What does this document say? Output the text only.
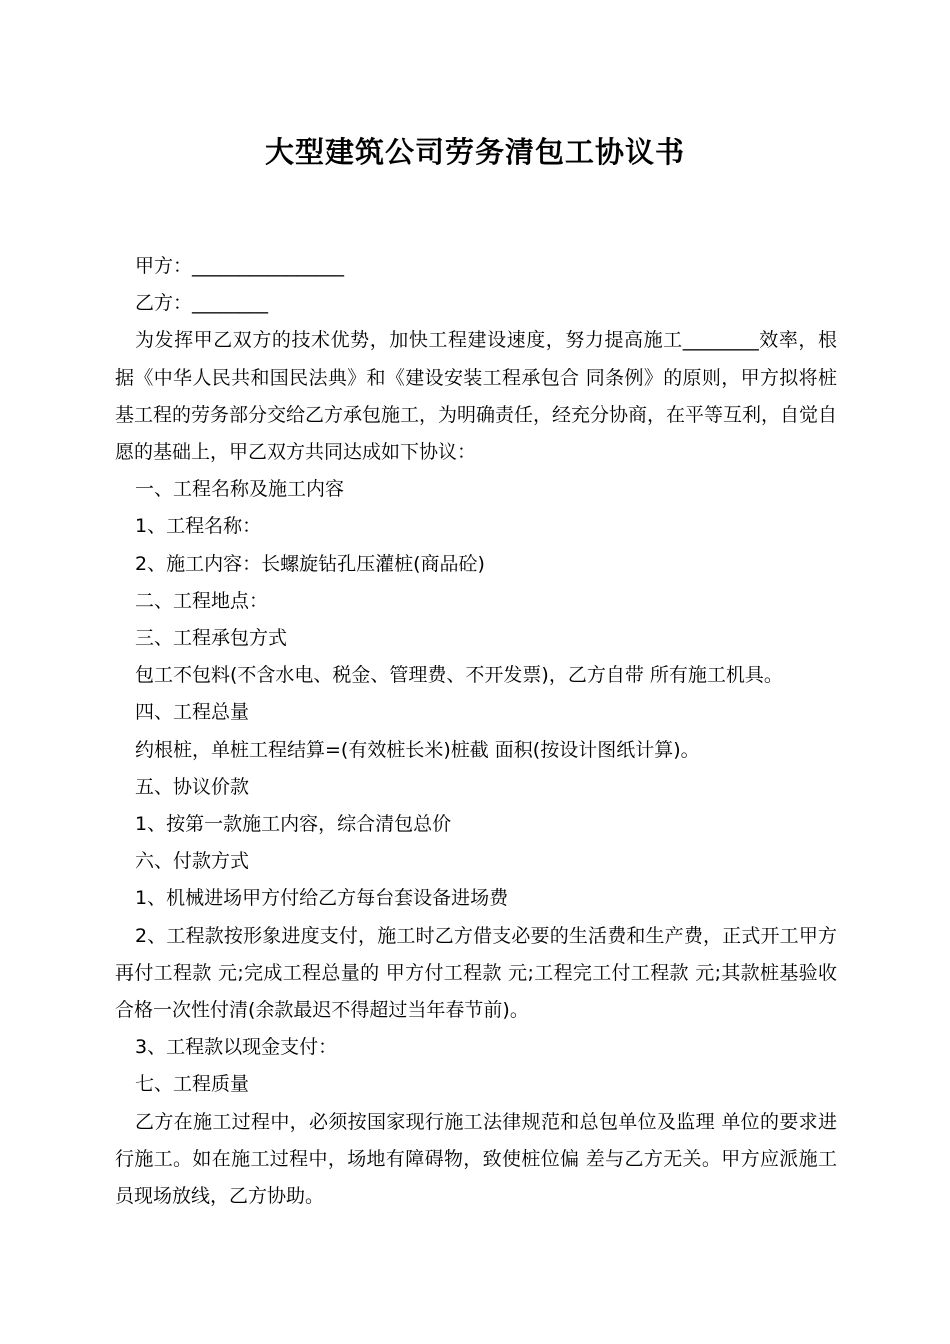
大型建筑公司劳务清包工协议书

甲方：________________

乙方：________

为发挥甲乙双方的技术优势，加快工程建设速度，努力提高施工________效率，根据《中华人民共和国民法典》和《建设安装工程承包合 同条例》的原则，甲方拟将桩基工程的劳务部分交给乙方承包施工，为明确责任，经充分协商，在平等互利，自觉自愿的基础上，甲乙双方共同达成如下协议：

一、工程名称及施工内容

1、工程名称：

2、施工内容：长螺旋钻孔压灌桩(商品砼)

二、工程地点：

三、工程承包方式

包工不包料(不含水电、税金、管理费、不开发票)，乙方自带 所有施工机具。

四、工程总量

约根桩，单桩工程结算=(有效桩长米)桩截 面积(按设计图纸计算)。

五、协议价款

1、按第一款施工内容，综合清包总价

六、付款方式

1、机械进场甲方付给乙方每台套设备进场费

2、工程款按形象进度支付，施工时乙方借支必要的生活费和生产费，正式开工甲方再付工程款 元;完成工程总量的 甲方付工程款 元;工程完工付工程款 元;其款桩基验收合格一次性付清(余款最迟不得超过当年春节前)。

3、工程款以现金支付：

七、工程质量

乙方在施工过程中，必须按国家现行施工法律规范和总包单位及监理 单位的要求进行施工。如在施工过程中，场地有障碍物，致使桩位偏 差与乙方无关。甲方应派施工员现场放线，乙方协助。
